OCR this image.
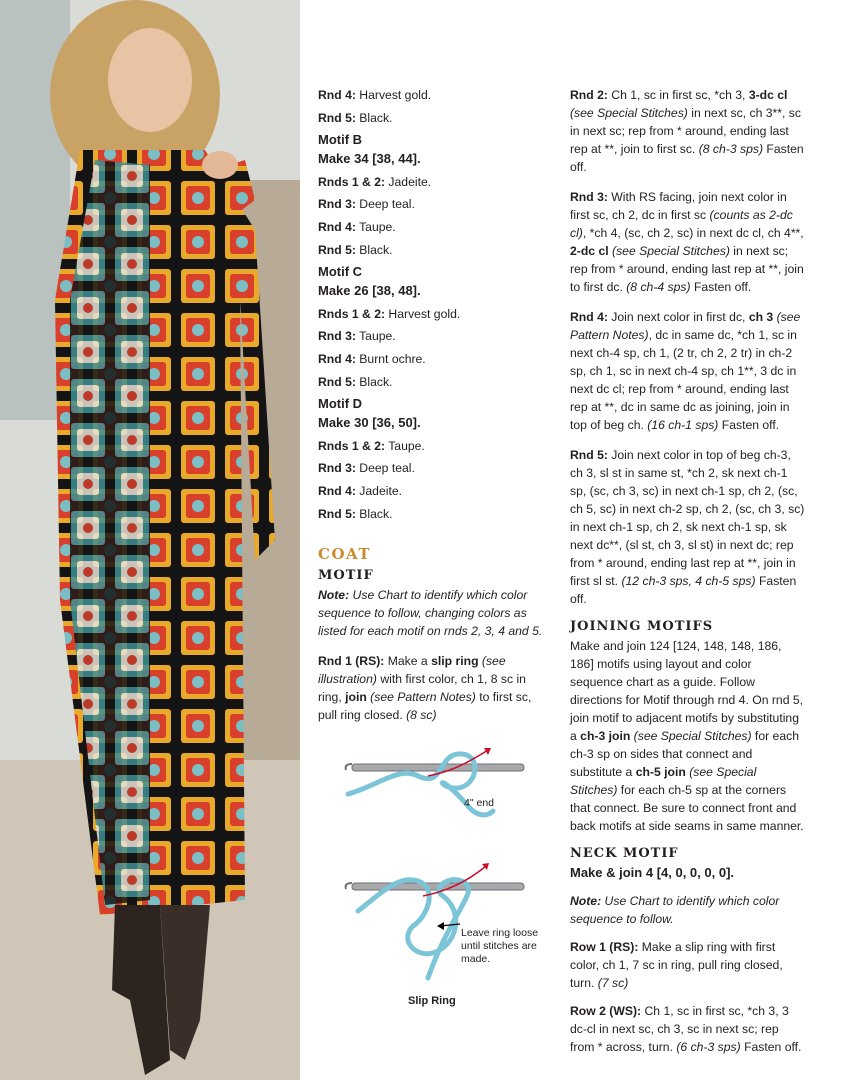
Rnd 4: Harvest gold.
Rnd 5: Black.
Motif B
Make 34 [38, 44].
Rnds 1 & 2: Jadeite.
Rnd 3: Deep teal.
Rnd 4: Taupe.
Rnd 5: Black.
Motif C
Make 26 [38, 48].
Rnds 1 & 2: Harvest gold.
Rnd 3: Taupe.
Rnd 4: Burnt ochre.
Rnd 5: Black.
Motif D
Make 30 [36, 50].
Rnds 1 & 2: Taupe.
Rnd 3: Deep teal.
Rnd 4: Jadeite.
Rnd 5: Black.
COAT
MOTIF

Note: Use Chart to identify which color sequence to follow, changing colors as listed for each motif on rnds 2, 3, 4 and 5.

Rnd 1 (RS): Make a slip ring (see illustration) with first color, ch 1, 8 sc in ring, join (see Pattern Notes) to first sc, pull ring closed. (8 sc)

4" end
Leave ring loose until stitches are made.
Slip Ring

Rnd 2: Ch 1, sc in first sc, *ch 3, 3-dc cl (see Special Stitches) in next sc, ch 3**, sc in next sc; rep from * around, ending last rep at **, join to first sc. (8 ch-3 sps) Fasten off.

Rnd 3: With RS facing, join next color in first sc, ch 2, dc in first sc (counts as 2-dc cl), *ch 4, (sc, ch 2, sc) in next dc cl, ch 4**, 2-dc cl (see Special Stitches) in next sc; rep from * around, ending last rep at **, join to first dc. (8 ch-4 sps) Fasten off.

Rnd 4: Join next color in first dc, ch 3 (see Pattern Notes), dc in same dc, *ch 1, sc in next ch-4 sp, ch 1, (2 tr, ch 2, 2 tr) in ch-2 sp, ch 1, sc in next ch-4 sp, ch 1**, 3 dc in next dc cl; rep from * around, ending last rep at **, dc in same dc as joining, join in top of beg ch. (16 ch-1 sps) Fasten off.

Rnd 5: Join next color in top of beg ch-3, ch 3, sl st in same st, *ch 2, sk next ch-1 sp, (sc, ch 3, sc) in next ch-1 sp, ch 2, (sc, ch 5, sc) in next ch-2 sp, ch 2, (sc, ch 3, sc) in next ch-1 sp, ch 2, sk next ch-1 sp, sk next dc**, (sl st, ch 3, sl st) in next dc; rep from * around, ending last rep at **, join in first sl st. (12 ch-3 sps, 4 ch-5 sps) Fasten off.

JOINING MOTIFS

Make and join 124 [124, 148, 148, 186, 186] motifs using layout and color sequence chart as a guide. Follow directions for Motif through rnd 4. On rnd 5, join motif to adjacent motifs by substituting a ch-3 join (see Special Stitches) for each ch-3 sp on sides that connect and substitute a ch-5 join (see Special Stitches) for each ch-5 sp at the corners that connect. Be sure to connect front and back motifs at side seams in same manner.

NECK MOTIF
Make & join 4 [4, 0, 0, 0, 0].

Note: Use Chart to identify which color sequence to follow.

Row 1 (RS): Make a slip ring with first color, ch 1, 7 sc in ring, pull ring closed, turn. (7 sc)

Row 2 (WS): Ch 1, sc in first sc, *ch 3, 3 dc-cl in next sc, ch 3, sc in next sc; rep from * across, turn. (6 ch-3 sps) Fasten off.
